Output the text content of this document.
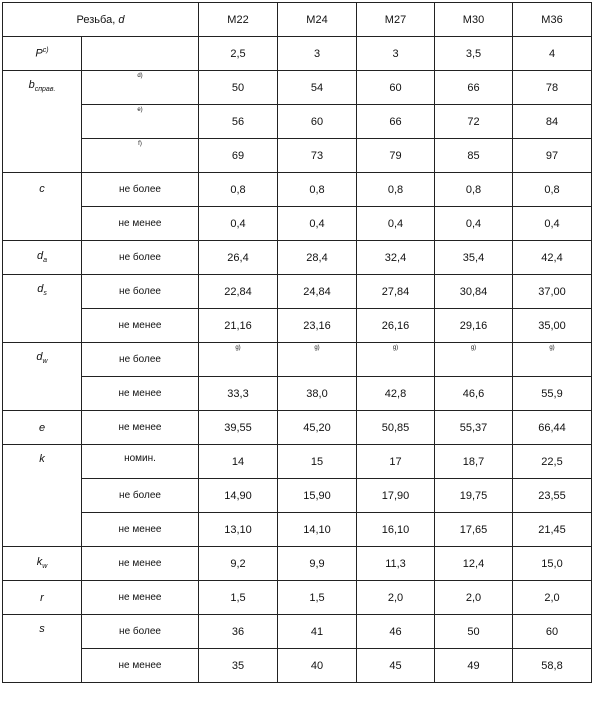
Резьба, d		М22	М24	М27	М30	М36
$P^{с)}$		2,5	3	3	3,5	4
$b_{справ.}$	d)	50	54	60	66	78
	e)	56	60	66	72	84
	f)	69	73	79	85	97
c	не более	0,8	0,8	0,8	0,8	0,8
	не менее	0,4	0,4	0,4	0,4	0,4
$d_a$	не более	26,4	28,4	32,4	35,4	42,4
$d_s$	не более	22,84	24,84	27,84	30,84	37,00
	не менее	21,16	23,16	26,16	29,16	35,00
$d_w$	не более	g)	g)	g)	g)	g)
	не менее	33,3	38,0	42,8	46,6	55,9
e	не менее	39,55	45,20	50,85	55,37	66,44
k	номин.	14	15	17	18,7	22,5
	не более	14,90	15,90	17,90	19,75	23,55
	не менее	13,10	14,10	16,10	17,65	21,45
$k_w$	не менее	9,2	9,9	11,3	12,4	15,0
r	не менее	1,5	1,5	2,0	2,0	2,0
s	не более	36	41	46	50	60
	не менее	35	40	45	49	58,8
